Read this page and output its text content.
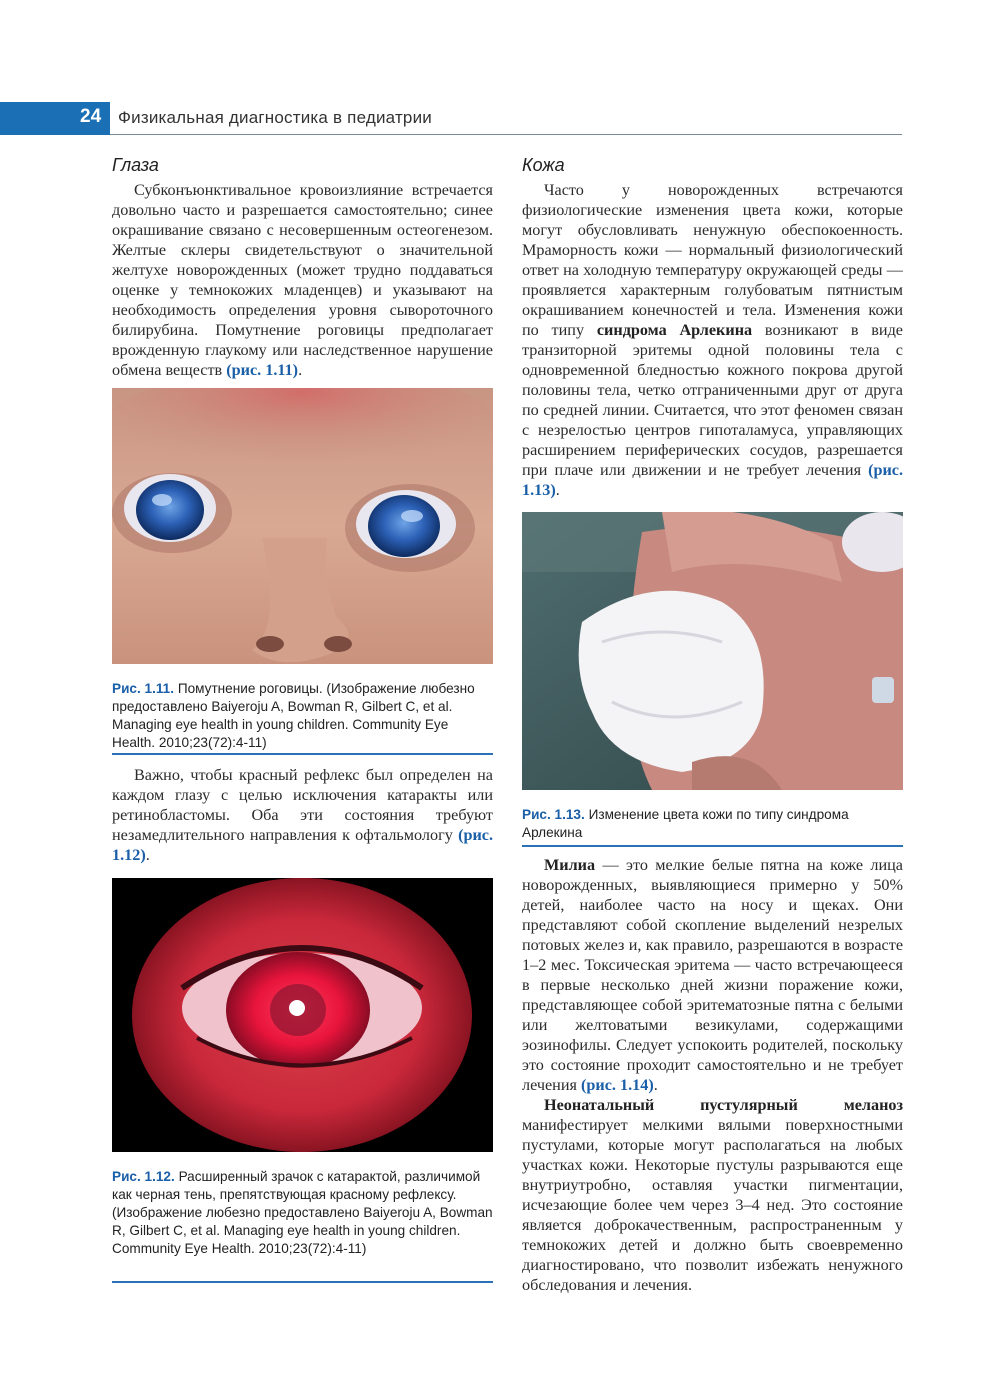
24 Физикальная диагностика в педиатрии
Глаза

Субконъюнктивальное кровоизлияние встречается довольно часто и разрешается самостоятельно; синее окрашивание связано с несовершенным остеогенезом. Желтые склеры свидетельствуют о значительной желтухе новорожденных (может трудно поддаваться оценке у темнокожих младенцев) и указывают на необходимость определения уровня сывороточного билирубина. Помутнение роговицы предполагает врожденную глаукому или наследственное нарушение обмена веществ (рис. 1.11).

Рис. 1.11. Помутнение роговицы. (Изображение любезно предоставлено Baiyeroju A, Bowman R, Gilbert C, et al. Managing eye health in young children. Community Eye Health. 2010;23(72):4-11)

Важно, чтобы красный рефлекс был определен на каждом глазу с целью исключения катаракты или ретинобластомы. Оба эти состояния требуют незамедлительного направления к офтальмологу (рис. 1.12).

Рис. 1.12. Расширенный зрачок с катарактой, различимой как черная тень, препятствующая красному рефлексу. (Изображение любезно предоставлено Baiyeroju A, Bowman R, Gilbert C, et al. Managing eye health in young children. Community Eye Health. 2010;23(72):4-11)
Кожа

Часто у новорожденных встречаются физиологические изменения цвета кожи, которые могут обусловливать ненужную обеспокоенность. Мраморность кожи — нормальный физиологический ответ на холодную температуру окружающей среды — проявляется характерным голубоватым пятнистым окрашиванием конечностей и тела. Изменения кожи по типу синдрома Арлекина возникают в виде транзиторной эритемы одной половины тела с одновременной бледностью кожного покрова другой половины тела, четко отграниченными друг от друга по средней линии. Считается, что этот феномен связан с незрелостью центров гипоталамуса, управляющих расширением периферических сосудов, разрешается при плаче или движении и не требует лечения (рис. 1.13).

Рис. 1.13. Изменение цвета кожи по типу синдрома Арлекина

Милиа — это мелкие белые пятна на коже лица новорожденных, выявляющиеся примерно у 50% детей, наиболее часто на носу и щеках. Они представляют собой скопление выделений незрелых потовых желез и, как правило, разрешаются в возрасте 1–2 мес. Токсическая эритема — часто встречающееся в первые несколько дней жизни поражение кожи, представляющее собой эритематозные пятна с белыми или желтоватыми везикулами, содержащими эозинофилы. Следует успокоить родителей, поскольку это состояние проходит самостоятельно и не требует лечения (рис. 1.14).

Неонатальный пустулярный меланоз манифестирует мелкими вялыми поверхностными пустулами, которые могут располагаться на любых участках кожи. Некоторые пустулы разрываются еще внутриутробно, оставляя участки пигментации, исчезающие более чем через 3–4 нед. Это состояние является доброкачественным, распространенным у темнокожих детей и должно быть своевременно диагностировано, что позволит избежать ненужного обследования и лечения.
